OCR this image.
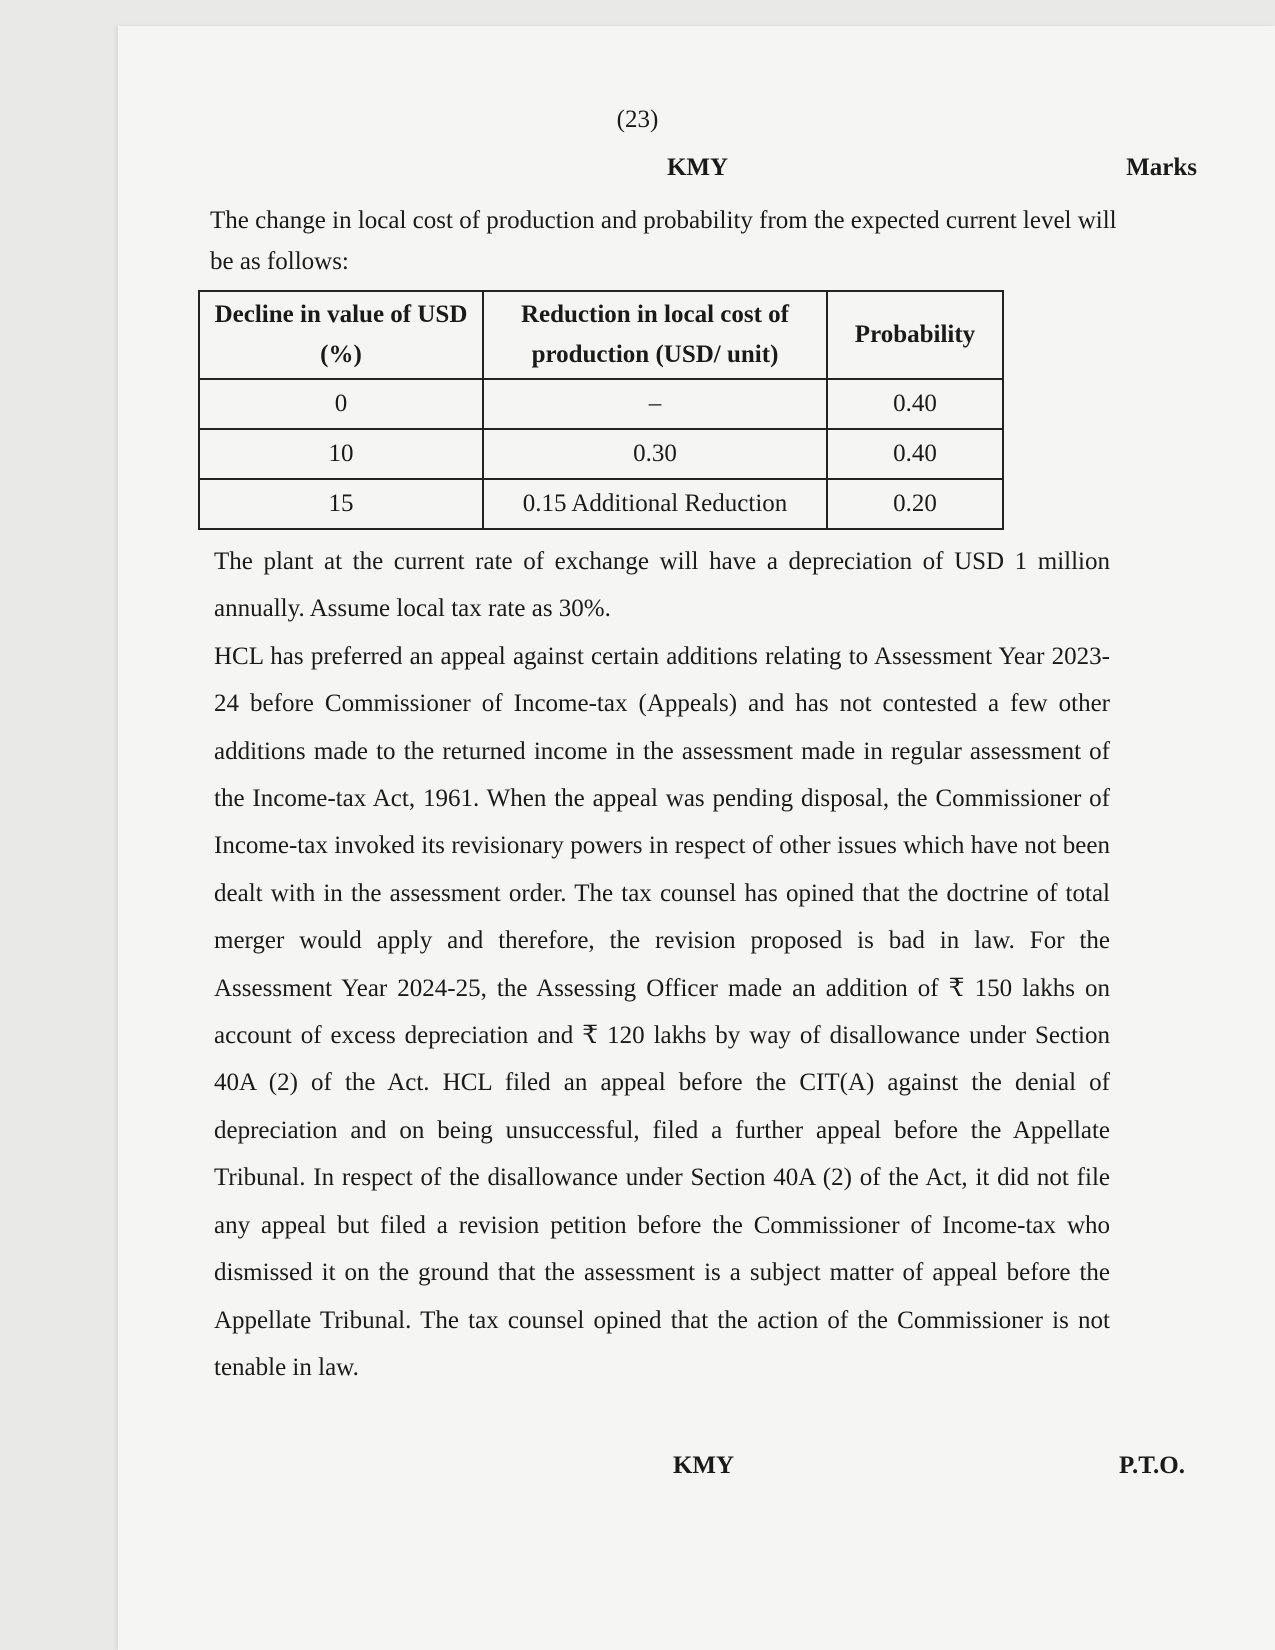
(23)
KMY	Marks

The change in local cost of production and probability from the expected current level will be as follows:

Decline in value of USD (%)	Reduction in local cost of production (USD/ unit)	Probability
0	–	0.40
10	0.30	0.40
15	0.15 Additional Reduction	0.20

The plant at the current rate of exchange will have a depreciation of USD 1 million annually. Assume local tax rate as 30%.

HCL has preferred an appeal against certain additions relating to Assessment Year 2023-24 before Commissioner of Income-tax (Appeals) and has not contested a few other additions made to the returned income in the assessment made in regular assessment of the Income-tax Act, 1961. When the appeal was pending disposal, the Commissioner of Income-tax invoked its revisionary powers in respect of other issues which have not been dealt with in the assessment order. The tax counsel has opined that the doctrine of total merger would apply and therefore, the revision proposed is bad in law. For the Assessment Year 2024-25, the Assessing Officer made an addition of ₹ 150 lakhs on account of excess depreciation and ₹ 120 lakhs by way of disallowance under Section 40A (2) of the Act. HCL filed an appeal before the CIT(A) against the denial of depreciation and on being unsuccessful, filed a further appeal before the Appellate Tribunal. In respect of the disallowance under Section 40A (2) of the Act, it did not file any appeal but filed a revision petition before the Commissioner of Income-tax who dismissed it on the ground that the assessment is a subject matter of appeal before the Appellate Tribunal. The tax counsel opined that the action of the Commissioner is not tenable in law.

KMY	P.T.O.
